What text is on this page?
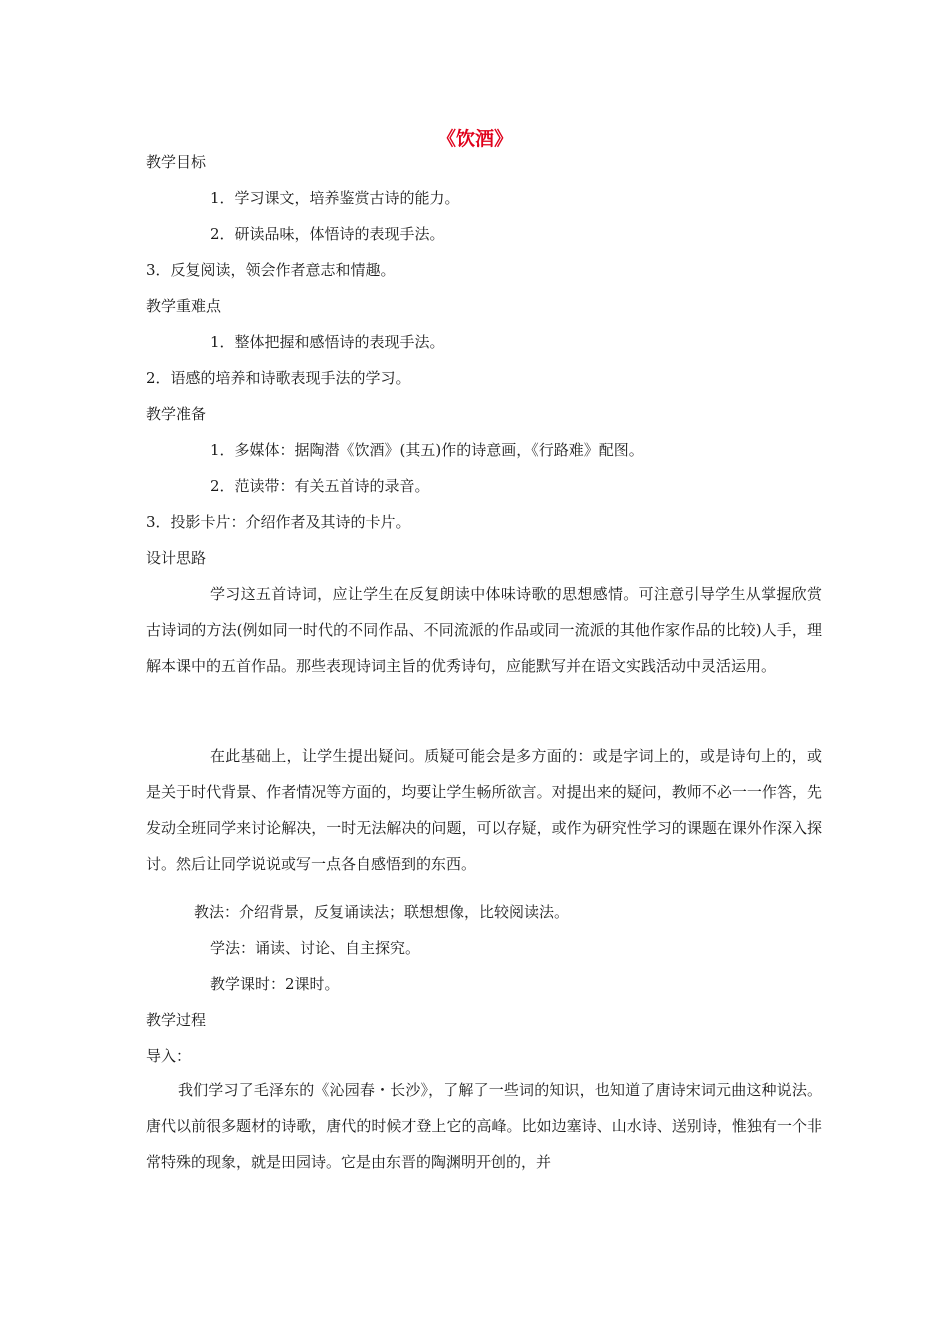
《饮酒》
教学目标
1．学习课文，培养鉴赏古诗的能力。
2．研读品味，体悟诗的表现手法。
3．反复阅读，领会作者意志和情趣。
教学重难点
1．整体把握和感悟诗的表现手法。
2．语感的培养和诗歌表现手法的学习。
教学准备
1．多媒体：据陶潜《饮酒》(其五)作的诗意画，《行路难》配图。
2．范读带：有关五首诗的录音。
3．投影卡片：介绍作者及其诗的卡片。
设计思路

学习这五首诗词，应让学生在反复朗读中体味诗歌的思想感情。可注意引导学生从掌握欣赏古诗词的方法(例如同一时代的不同作品、不同流派的作品或同一流派的其他作家作品的比较)人手，理解本课中的五首作品。那些表现诗词主旨的优秀诗句，应能默写并在语文实践活动中灵活运用。

在此基础上，让学生提出疑问。质疑可能会是多方面的：或是字词上的，或是诗句上的，或是关于时代背景、作者情况等方面的，均要让学生畅所欲言。对提出来的疑问，教师不必一一作答，先发动全班同学来讨论解决，一时无法解决的问题，可以存疑，或作为研究性学习的课题在课外作深入探讨。然后让同学说说或写一点各自感悟到的东西。

教法：介绍背景，反复诵读法；联想想像，比较阅读法。
学法：诵读、讨论、自主探究。
教学课时：2课时。
教学过程
导入：

我们学习了毛泽东的《沁园春・长沙》，了解了一些词的知识，也知道了唐诗宋词元曲这种说法。唐代以前很多题材的诗歌，唐代的时候才登上它的高峰。比如边塞诗、山水诗、送别诗，惟独有一个非常特殊的现象，就是田园诗。它是由东晋的陶渊明开创的，并
